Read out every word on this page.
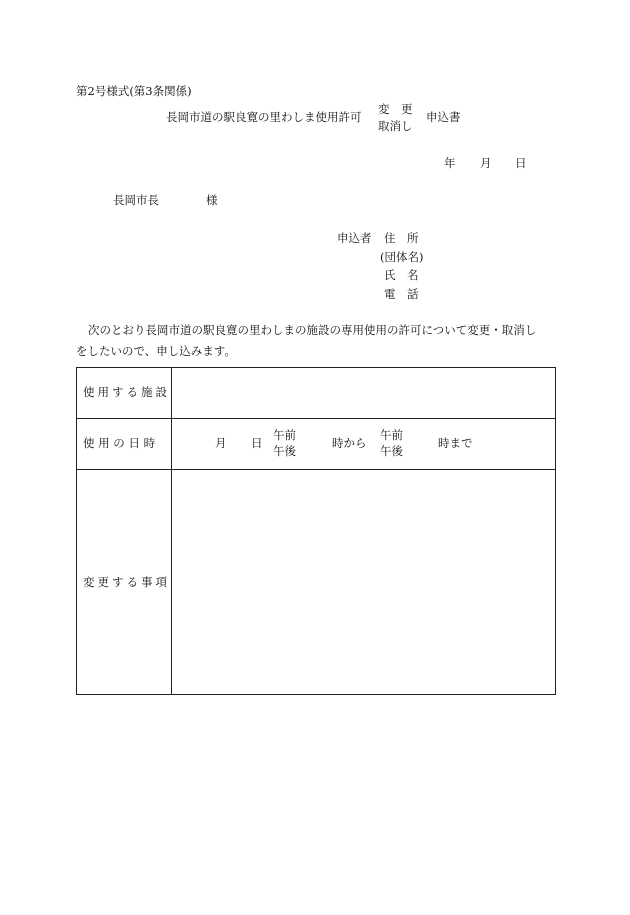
第2号様式(第3条関係)
長岡市道の駅良寛の里わしま使用許可
変　更
取消し
申込書
年 月 日
長岡市長	様
申込者 住　所
(団体名)
氏　名
電　話
次のとおり長岡市道の駅良寛の里わしまの施設の専用使用の許可について変更・取消し
をしたいので、申し込みます。
使用する施設
使 用 の 日 時	月 日
午前
午後
時から
午前
午後
時まで
変更する事項
